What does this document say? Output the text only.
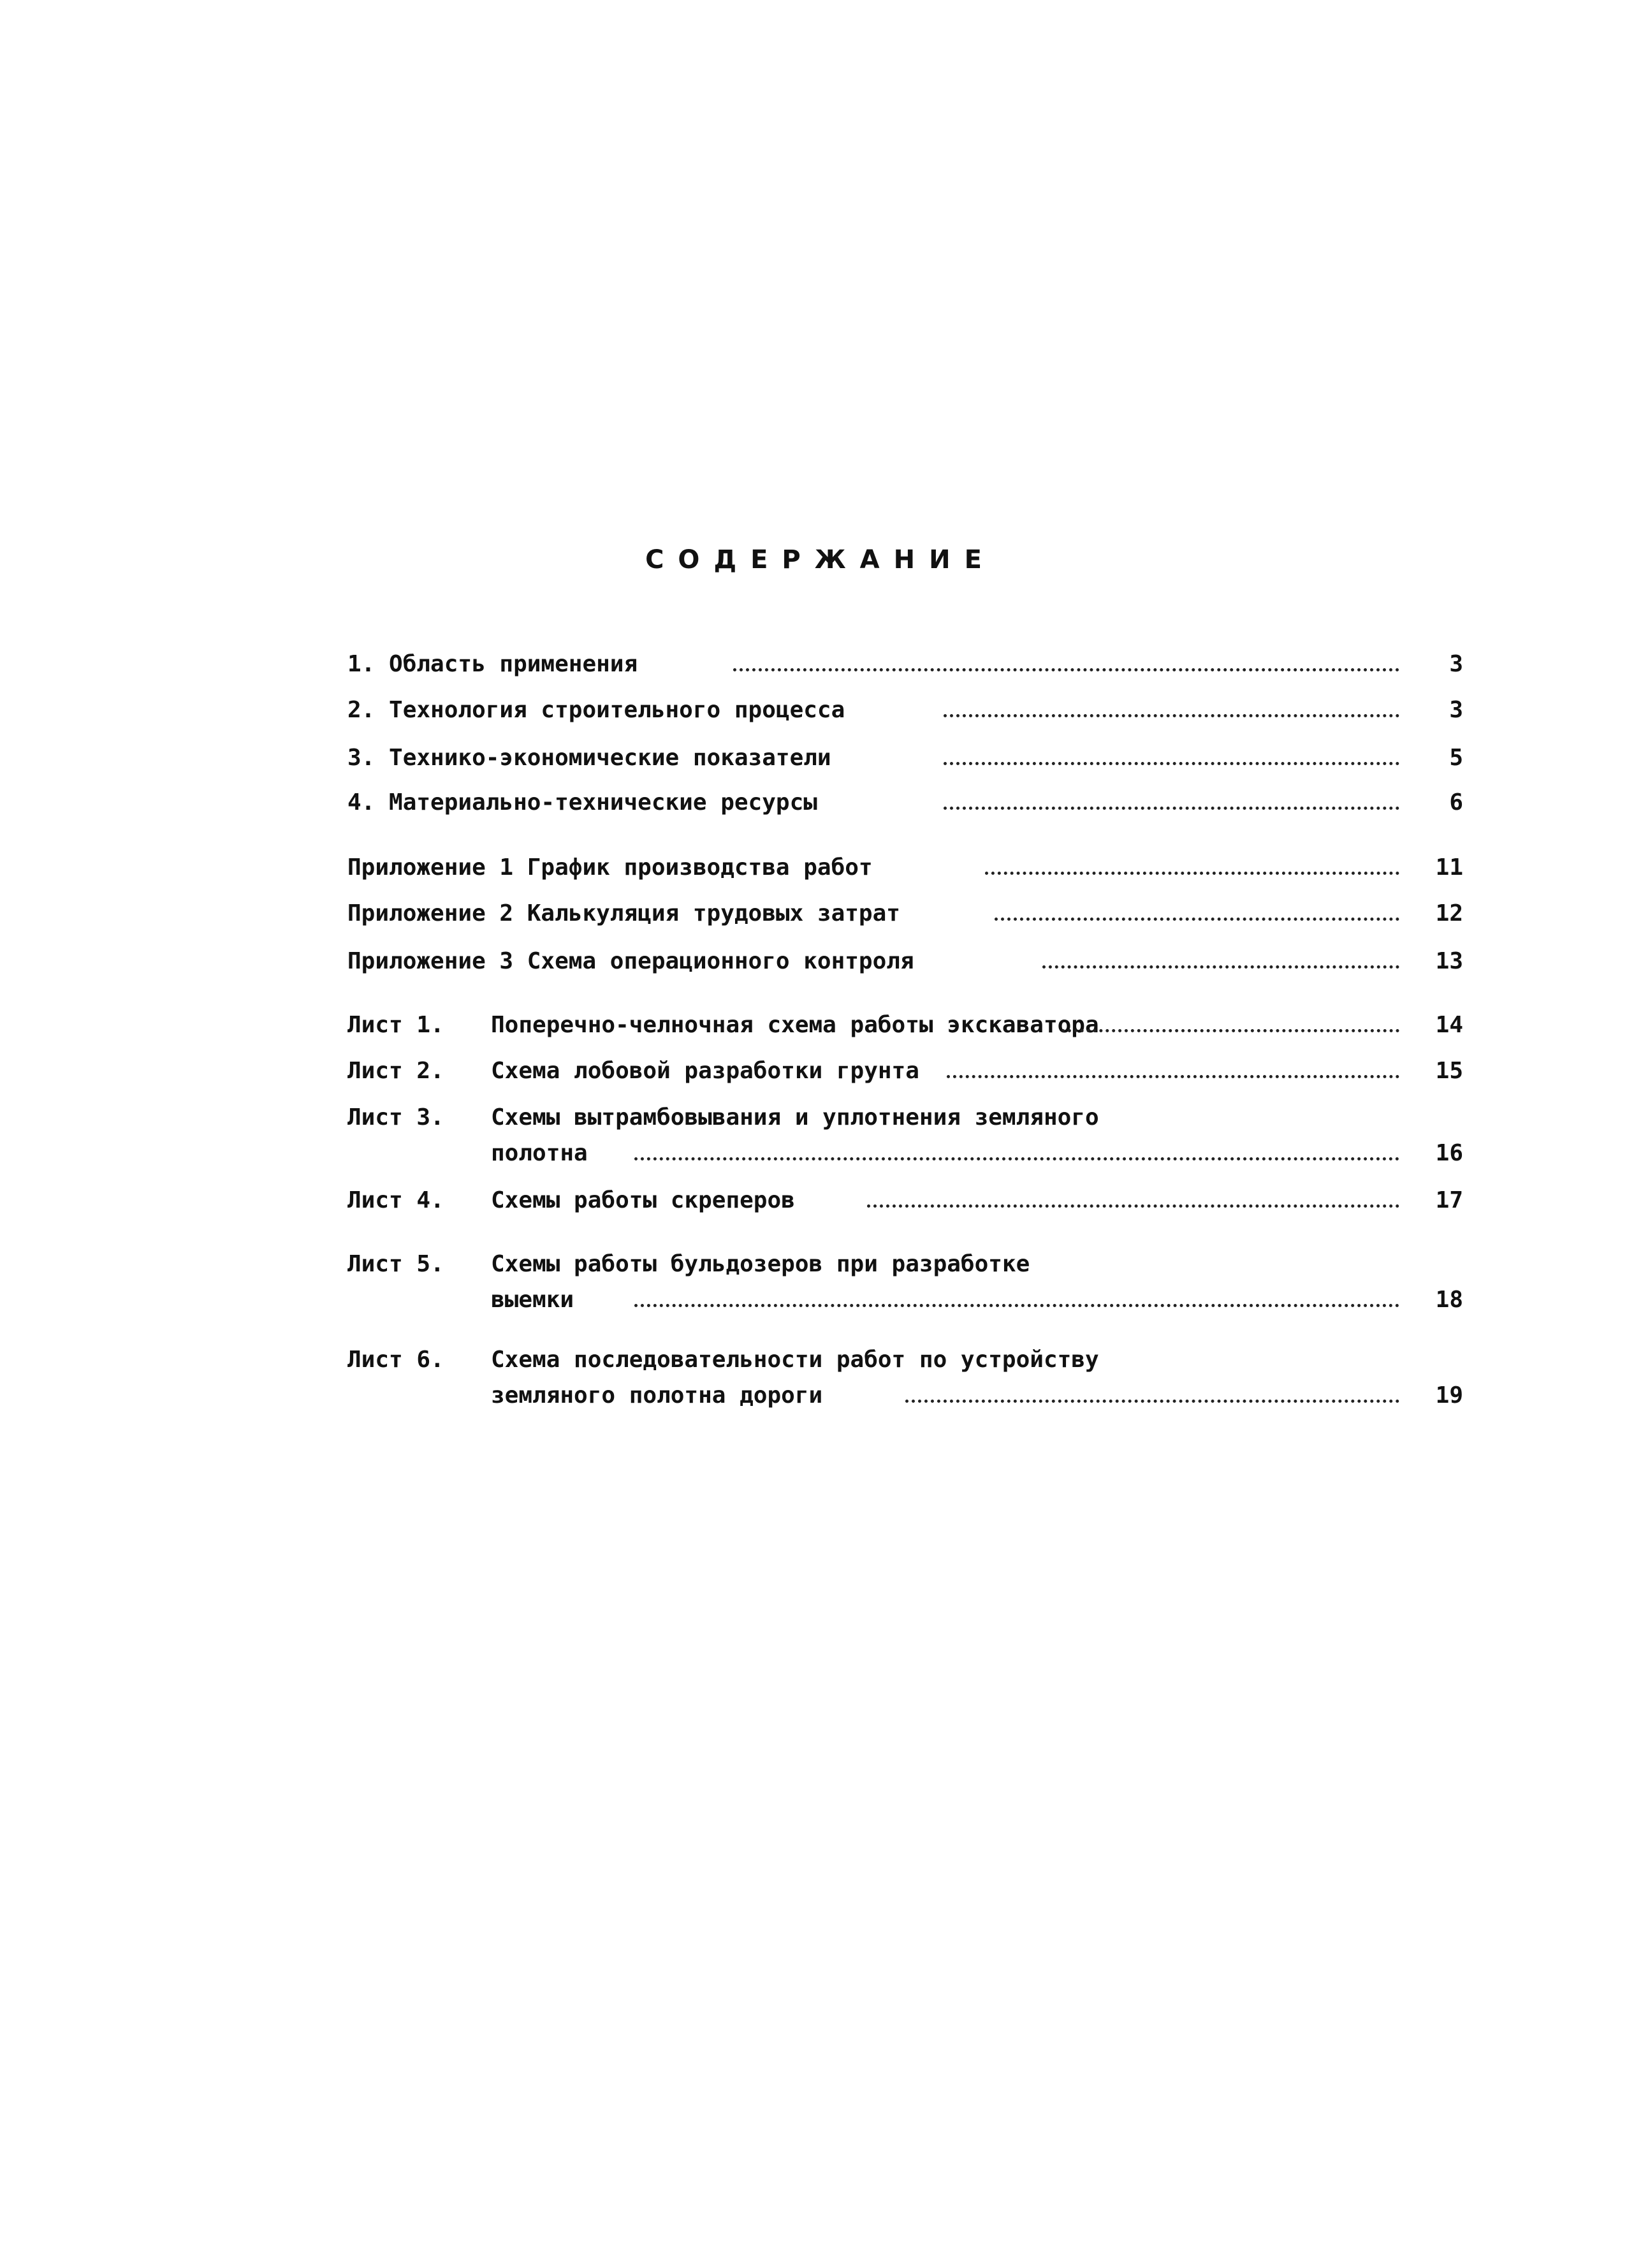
СОДЕРЖАНИЕ
1. Область применения	3
2. Технология строительного процесса	3
3. Технико-экономические показатели	5
4. Материально-технические ресурсы	6
Приложение 1 График производства работ	11
Приложение 2 Калькуляция трудовых затрат	12
Приложение 3 Схема операционного контроля	13
Лист 1. Поперечно-челночная схема работы экскаватора	14
Лист 2. Схема лобовой разработки грунта	15
Лист 3. Схемы вытрамбовывания и уплотнения земляного
полотна	16
Лист 4. Схемы работы скреперов	17
Лист 5. Схемы работы бульдозеров при разработке
выемки	18
Лист 6. Схема последовательности работ по устройству
земляного полотна дороги	19
